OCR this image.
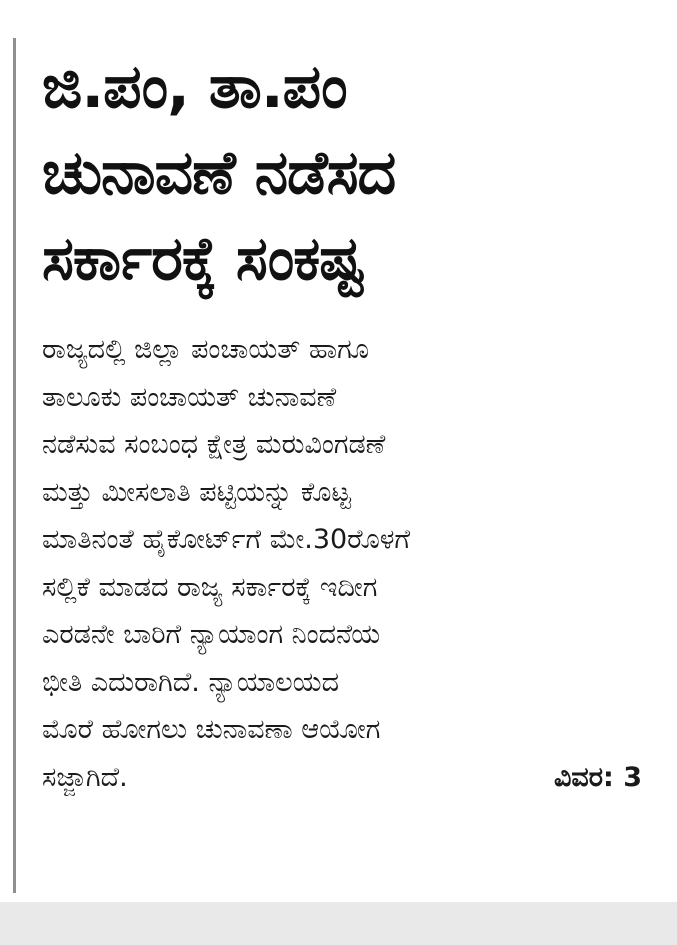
ಜಿ.ಪಂ, ತಾ.ಪಂ
ಚುನಾವಣೆ ನಡೆಸದ
ಸರ್ಕಾರಕ್ಕೆ ಸಂಕಷ್ಟ
ರಾಜ್ಯದಲ್ಲಿ ಜಿಲ್ಲಾ ಪಂಚಾಯತ್ ಹಾಗೂ
ತಾಲೂಕು ಪಂಚಾಯತ್ ಚುನಾವಣೆ
ನಡೆಸುವ ಸಂಬಂಧ ಕ್ಷೇತ್ರ ಮರುವಿಂಗಡಣೆ
ಮತ್ತು ಮೀಸಲಾತಿ ಪಟ್ಟಿಯನ್ನು ಕೊಟ್ಟ
ಮಾತಿನಂತೆ ಹೈಕೋರ್ಟ್‌ಗೆ ಮೇ.30ರೊಳಗೆ
ಸಲ್ಲಿಕೆ ಮಾಡದ ರಾಜ್ಯ ಸರ್ಕಾರಕ್ಕೆ ಇದೀಗ
ಎರಡನೇ ಬಾರಿಗೆ ನ್ಯಾಯಾಂಗ ನಿಂದನೆಯ
ಭೀತಿ ಎದುರಾಗಿದೆ. ನ್ಯಾಯಾಲಯದ
ಮೊರೆ ಹೋಗಲು ಚುನಾವಣಾ ಆಯೋಗ
ಸಜ್ಜಾಗಿದೆ.	ವಿವರ: 3
